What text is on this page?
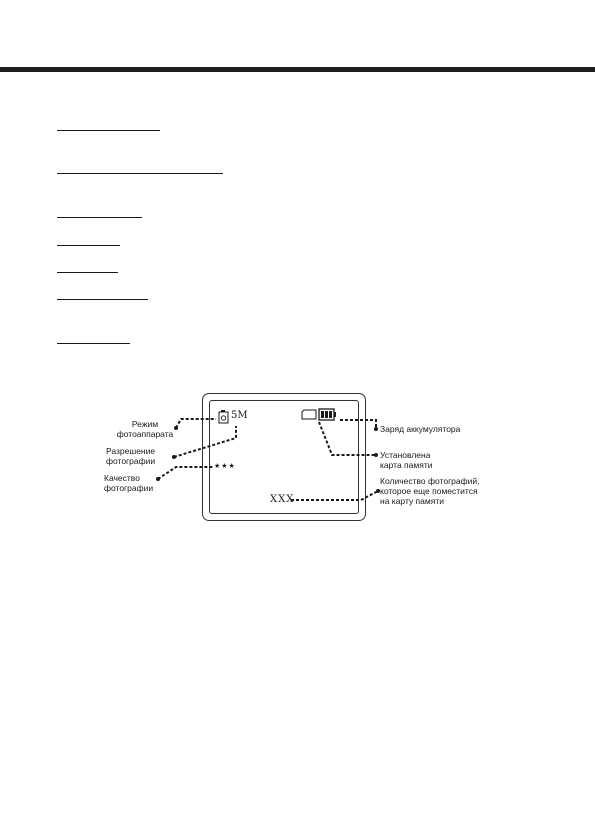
5M
★★★
XXX
Режим
фотоаппарата
Разрешение
фотографии
Качество
фотографии
Заряд аккумулятора
Установлена
карта памяти
Количество фотографий,
которое еще поместится
на карту памяти
